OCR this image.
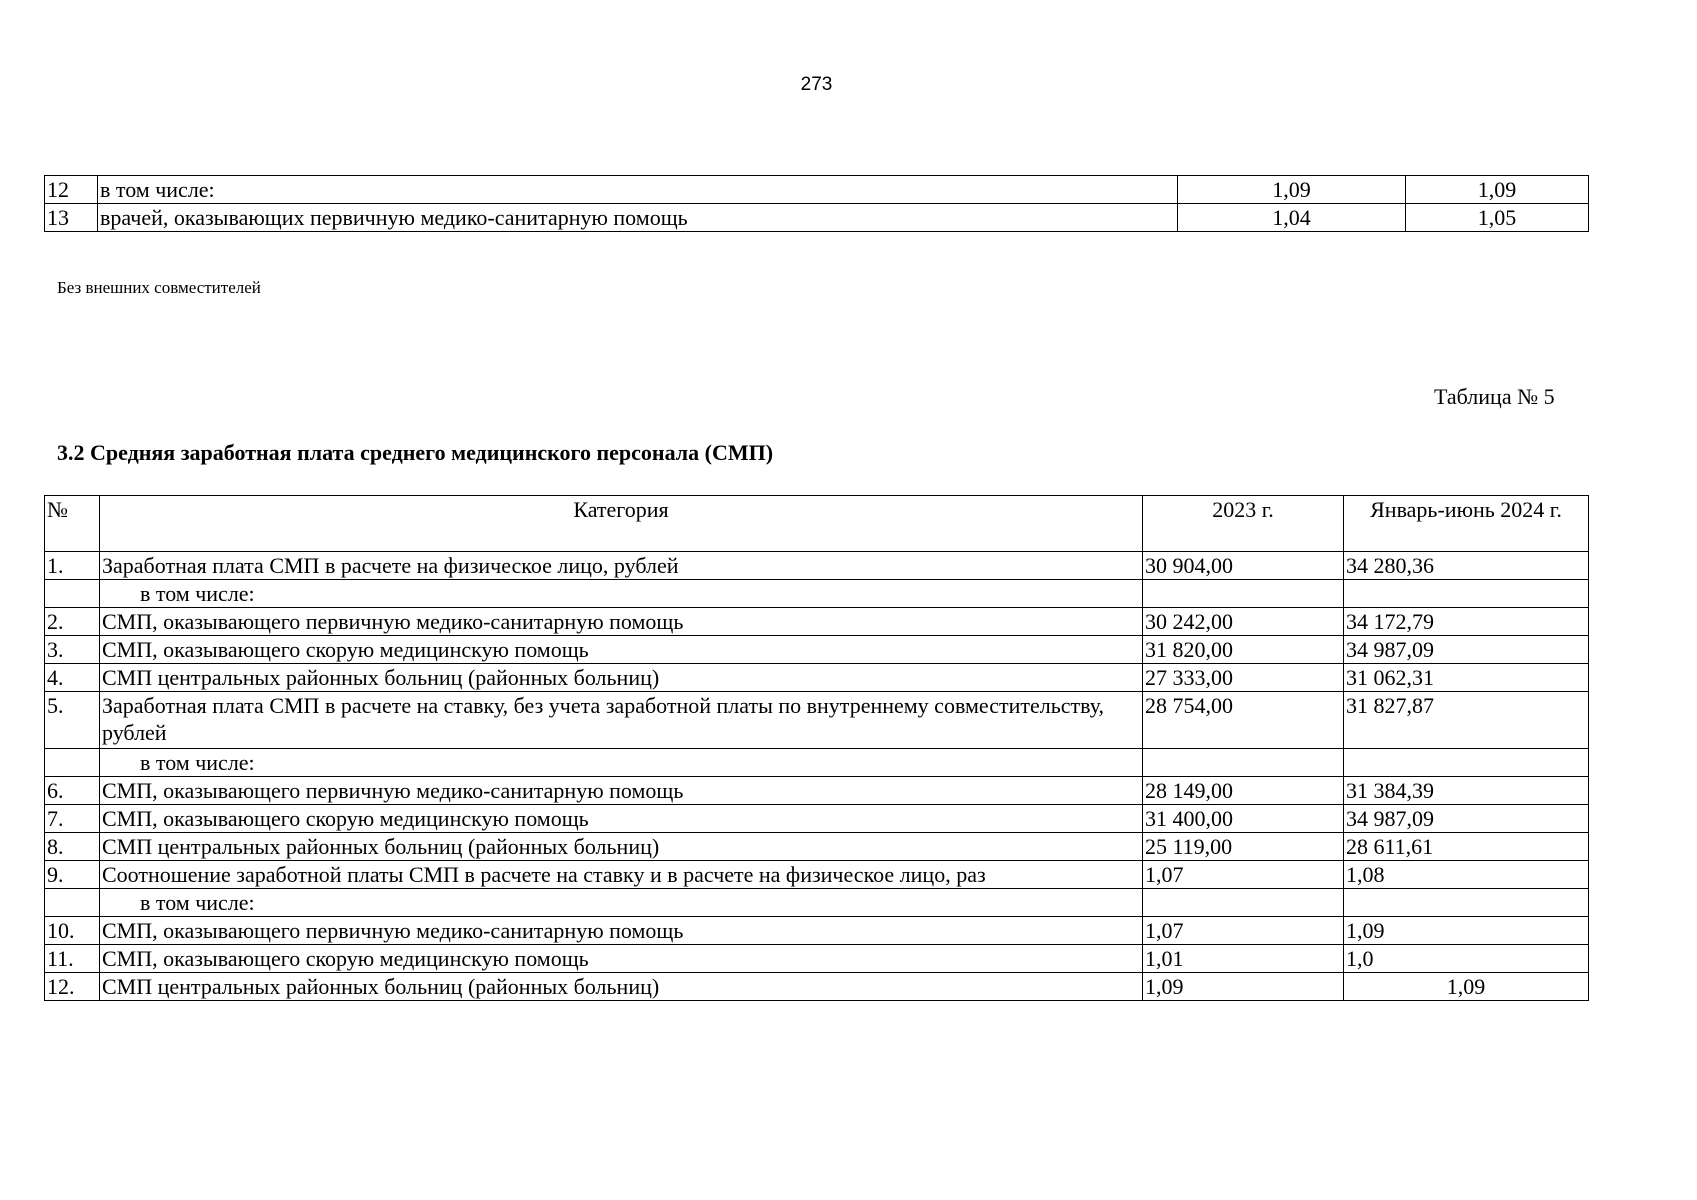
273
12	в том числе:	1,09	1,09
13	врачей, оказывающих первичную медико-санитарную помощь	1,04	1,05
Без внешних совместителей
Таблица № 5
3.2 Средняя заработная плата среднего медицинского персонала (СМП)
№	Категория	2023 г.	Январь-июнь 2024 г.
1.	Заработная плата СМП в расчете на физическое лицо, рублей	30 904,00	34 280,36
	в том числе:		
2.	СМП, оказывающего первичную медико-санитарную помощь	30 242,00	34 172,79
3.	СМП, оказывающего скорую медицинскую помощь	31 820,00	34 987,09
4.	СМП центральных районных больниц (районных больниц)	27 333,00	31 062,31
5.	Заработная плата СМП в расчете на ставку, без учета заработной платы по внутреннему совместительству, рублей	28 754,00	31 827,87
	в том числе:		
6.	СМП, оказывающего первичную медико-санитарную помощь	28 149,00	31 384,39
7.	СМП, оказывающего скорую медицинскую помощь	31 400,00	34 987,09
8.	СМП центральных районных больниц (районных больниц)	25 119,00	28 611,61
9.	Соотношение заработной платы СМП в расчете на ставку и в расчете на физическое лицо, раз	1,07	1,08
	в том числе:		
10.	СМП, оказывающего первичную медико-санитарную помощь	1,07	1,09
11.	СМП, оказывающего скорую медицинскую помощь	1,01	1,0
12.	СМП центральных районных больниц (районных больниц)	1,09	1,09
